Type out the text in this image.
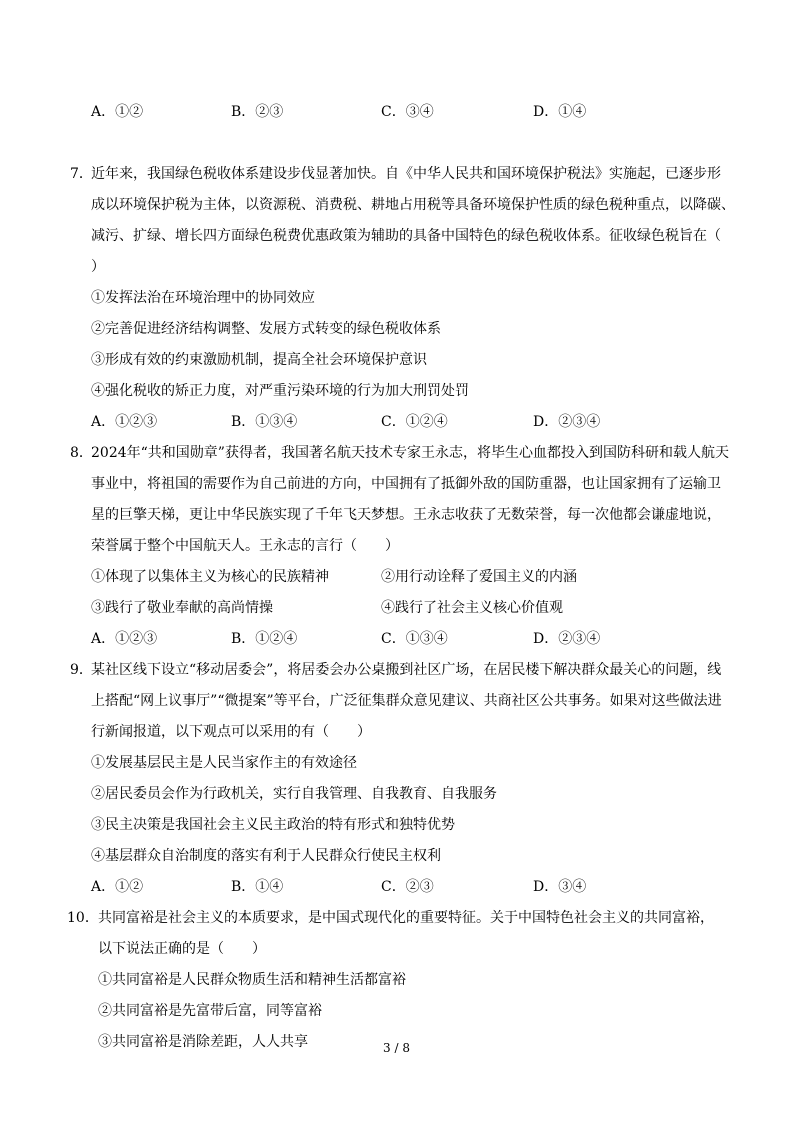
A．①②	B．②③	C．③④	D．①④
7．
近年来，我国绿色税收体系建设步伐显著加快。自《中华人民共和国环境保护税法》实施起，已逐步形
成以环境保护税为主体，以资源税、消费税、耕地占用税等具备环境保护性质的绿色税种重点，以降碳、
减污、扩绿、增长四方面绿色税费优惠政策为辅助的具备中国特色的绿色税收体系。征收绿色税旨在（
）
①发挥法治在环境治理中的协同效应
②完善促进经济结构调整、发展方式转变的绿色税收体系
③形成有效的约束激励机制，提高全社会环境保护意识
④强化税收的矫正力度，对严重污染环境的行为加大刑罚处罚
A．①②③	B．①③④	C．①②④	D．②③④
8．
2024年“共和国勋章”获得者，我国著名航天技术专家王永志，将毕生心血都投入到国防科研和载人航天
事业中，将祖国的需要作为自己前进的方向，中国拥有了抵御外敌的国防重器，也让国家拥有了运输卫
星的巨擎天梯，更让中华民族实现了千年飞天梦想。王永志收获了无数荣誉，每一次他都会谦虚地说，
荣誉属于整个中国航天人。王永志的言行（　　）
①体现了以集体主义为核心的民族精神	②用行动诠释了爱国主义的内涵
③践行了敬业奉献的高尚情操	④践行了社会主义核心价值观
A．①②③	B．①②④	C．①③④	D．②③④
9．
某社区线下设立“移动居委会”，将居委会办公桌搬到社区广场，在居民楼下解决群众最关心的问题，线
上搭配“网上议事厅”“微提案”等平台，广泛征集群众意见建议、共商社区公共事务。如果对这些做法进
行新闻报道，以下观点可以采用的有（　　）
①发展基层民主是人民当家作主的有效途径
②居民委员会作为行政机关，实行自我管理、自我教育、自我服务
③民主决策是我国社会主义民主政治的特有形式和独特优势
④基层群众自治制度的落实有利于人民群众行使民主权利
A．①②	B．①④	C．②③	D．③④
10． 共同富裕是社会主义的本质要求，是中国式现代化的重要特征。关于中国特色社会主义的共同富裕，
以下说法正确的是（　　）
①共同富裕是人民群众物质生活和精神生活都富裕
②共同富裕是先富带后富，同等富裕
③共同富裕是消除差距，人人共享	3 / 8
